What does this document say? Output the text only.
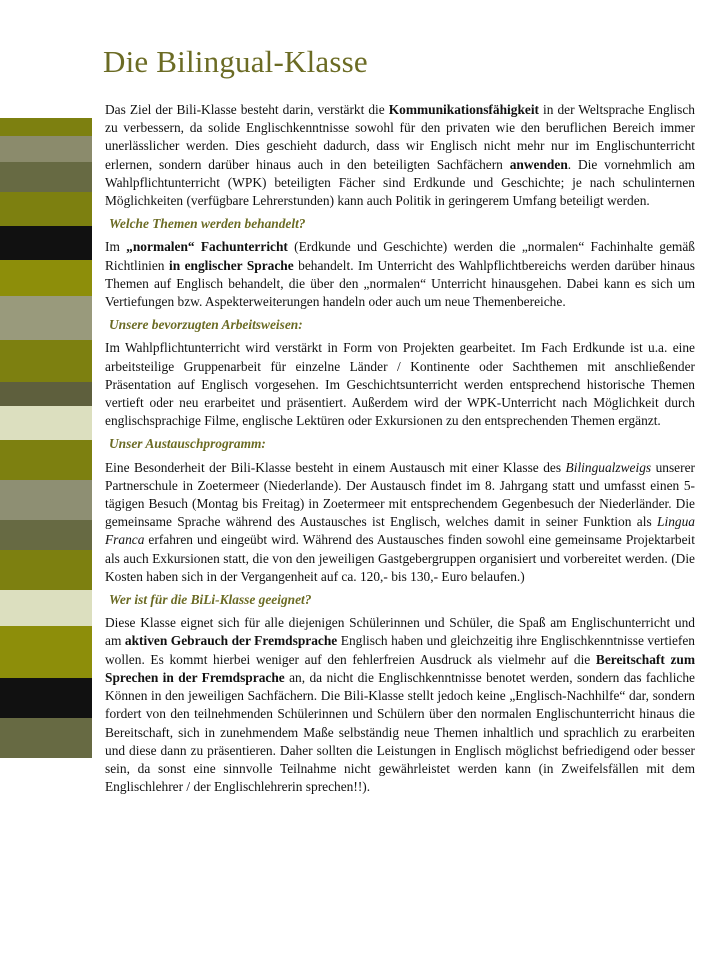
Die Bilingual-Klasse

Das Ziel der Bili-Klasse besteht darin, verstärkt die Kommunikationsfähigkeit in der Weltsprache Englisch zu verbessern, da solide Englischkenntnisse sowohl für den privaten wie den beruflichen Bereich immer unerlässlicher werden. Dies geschieht dadurch, dass wir Englisch nicht mehr nur im Englischunterricht erlernen, sondern darüber hinaus auch in den beteiligten Sachfächern anwenden. Die vornehmlich am Wahlpflichtunterricht (WPK) beteiligten Fächer sind Erdkunde und Geschichte; je nach schulinternen Möglichkeiten (verfügbare Lehrerstunden) kann auch Politik in geringerem Umfang beteiligt werden.

Welche Themen werden behandelt?

Im „normalen“ Fachunterricht (Erdkunde und Geschichte) werden die „normalen“ Fachinhalte gemäß Richtlinien in englischer Sprache behandelt. Im Unterricht des Wahlpflichtbereichs werden darüber hinaus Themen auf Englisch behandelt, die über den „normalen“ Unterricht hinausgehen. Dabei kann es sich um Vertiefungen bzw. Aspekterweiterungen handeln oder auch um neue Themenbereiche.

Unsere bevorzugten Arbeitsweisen:

Im Wahlpflichtunterricht wird verstärkt in Form von Projekten gearbeitet. Im Fach Erdkunde ist u.a. eine arbeitsteilige Gruppenarbeit für einzelne Länder / Kontinente oder Sachthemen mit anschließender Präsentation auf Englisch vorgesehen. Im Geschichtsunterricht werden entsprechend historische Themen vertieft oder neu erarbeitet und präsentiert. Außerdem wird der WPK-Unterricht nach Möglichkeit durch englischsprachige Filme, englische Lektüren oder Exkursionen zu den entsprechenden Themen ergänzt.

Unser Austauschprogramm:

Eine Besonderheit der Bili-Klasse besteht in einem Austausch mit einer Klasse des Bilingualzweigs unserer Partnerschule in Zoetermeer (Niederlande). Der Austausch findet im 8. Jahrgang statt und umfasst einen 5-tägigen Besuch (Montag bis Freitag) in Zoetermeer mit entsprechendem Gegenbesuch der Niederländer. Die gemeinsame Sprache während des Austausches ist Englisch, welches damit in seiner Funktion als Lingua Franca erfahren und eingeübt wird. Während des Austausches finden sowohl eine gemeinsame Projektarbeit als auch Exkursionen statt, die von den jeweiligen Gastgebergruppen organisiert und vorbereitet werden. (Die Kosten haben sich in der Vergangenheit auf ca. 120,- bis 130,- Euro belaufen.)

Wer ist für die BiLi-Klasse geeignet?

Diese Klasse eignet sich für alle diejenigen Schülerinnen und Schüler, die Spaß am Englischunterricht und am aktiven Gebrauch der Fremdsprache Englisch haben und gleichzeitig ihre Englischkenntnisse vertiefen wollen. Es kommt hierbei weniger auf den fehlerfreien Ausdruck als vielmehr auf die Bereitschaft zum Sprechen in der Fremdsprache an, da nicht die Englischkenntnisse benotet werden, sondern das fachliche Können in den jeweiligen Sachfächern. Die Bili-Klasse stellt jedoch keine „Englisch-Nachhilfe“ dar, sondern fordert von den teilnehmenden Schülerinnen und Schülern über den normalen Englischunterricht hinaus die Bereitschaft, sich in zunehmendem Maße selbständig neue Themen inhaltlich und sprachlich zu erarbeiten und diese dann zu präsentieren. Daher sollten die Leistungen in Englisch möglichst befriedigend oder besser sein, da sonst eine sinnvolle Teilnahme nicht gewährleistet werden kann (in Zweifelsfällen mit dem Englischlehrer / der Englischlehrerin sprechen!!).
